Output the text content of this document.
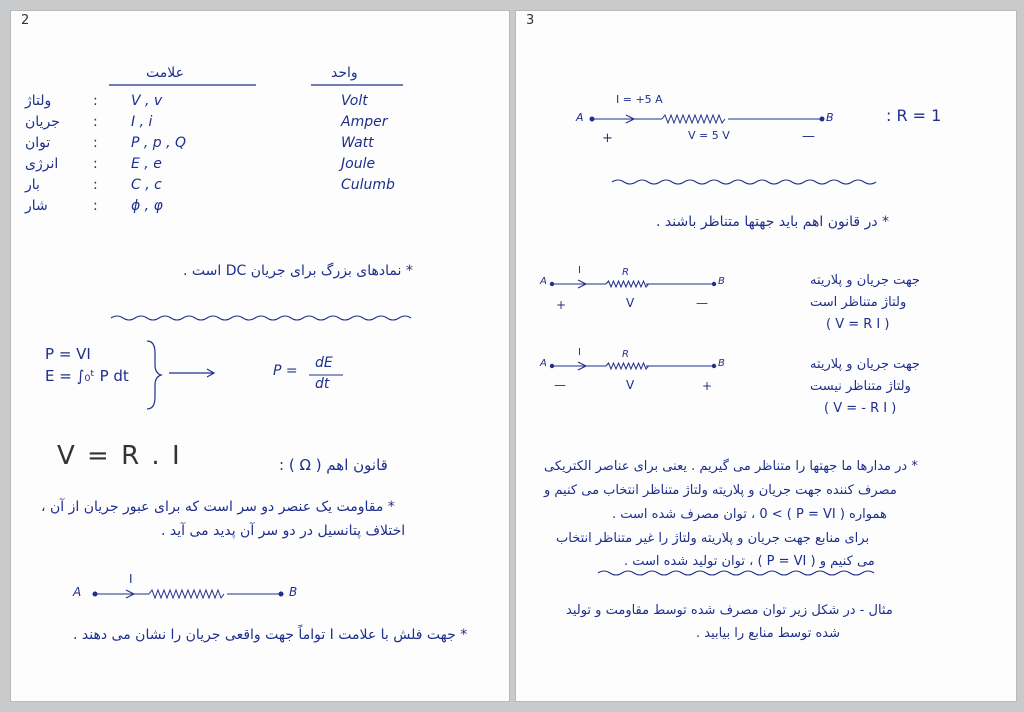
2
علامت	واحد
ولتاژ	: V , v	Volt
جریان : I , i	Amper
توان	: P , p , Q	Watt
انرژی : E , e	Joule
بار	: C , c	Culumb
شار	: ϕ , φ
* نمادهای بزرگ برای جریان DC است .
P = VI
E = ∫₀ᵗ P dt	P = dE
dt
V = R . I	قانون اهم ( Ω ) :
* مقاومت یک عنصر دو سر است که برای عبور جریان از آن ،
اختلاف پتانسیل در دو سر آن پدید می آید .
A
I
B
* جهت فلش با علامت I تواماً جهت واقعی جریان را نشان می دهند .
3
I = +5 A
A	B
V = 5 V
+	—
: R = 1
* در قانون اهم باید جهتها متناظر باشند .
A
I	R
B
V
+	—
جهت جریان و پلاریته
ولتاژ متناظر است
( V = R I )
A
I	R
B
V
—	+
جهت جریان و پلاریته
ولتاژ متناظر نیست
( V = - R I )
* در مدارها ما جهتها را متناظر می گیریم . یعنی برای عناصر الکتریکی
مصرف کننده جهت جریان و پلاریته ولتاژ متناظر انتخاب می کنیم و
همواره ( P = VI ) > 0 ، توان مصرف شده است .
برای منابع جهت جریان و پلاریته ولتاژ را غیر متناظر انتخاب
می کنیم و ( P = VI ) ، توان تولید شده است .
مثال - در شکل زیر توان مصرف شده توسط مقاومت و تولید
شده توسط منابع را بیابید .
